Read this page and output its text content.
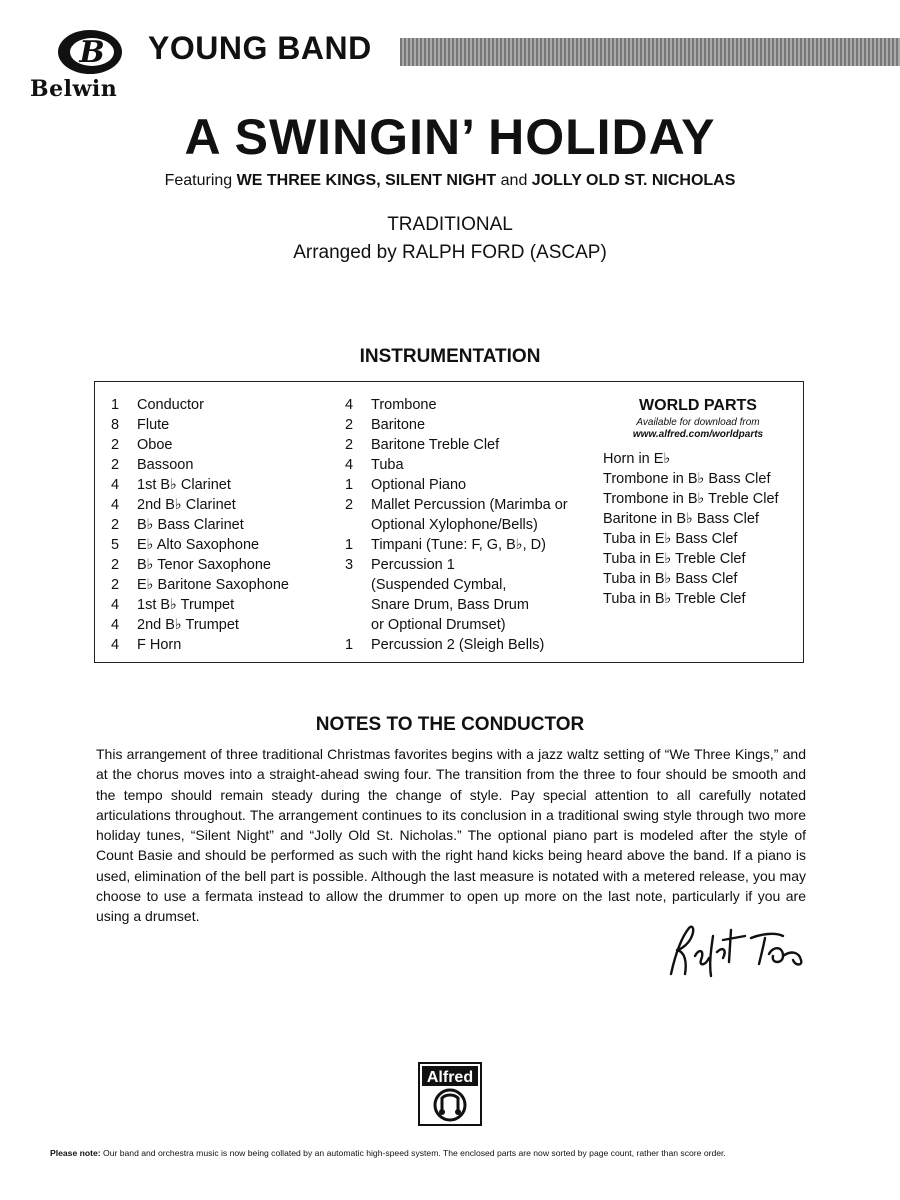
B
Belwin
YOUNG BAND
A SWINGIN’ HOLIDAY
Featuring WE THREE KINGS, SILENT NIGHT and JOLLY OLD ST. NICHOLAS
TRADITIONAL
Arranged by RALPH FORD (ASCAP)
INSTRUMENTATION
1	Conductor
8	Flute
2	Oboe
2	Bassoon
4	1st B♭ Clarinet
4	2nd B♭ Clarinet
2	B♭ Bass Clarinet
5	E♭ Alto Saxophone
2	B♭ Tenor Saxophone
2	E♭ Baritone Saxophone
4	1st B♭ Trumpet
4	2nd B♭ Trumpet
4	F Horn
4	Trombone
2	Baritone
2	Baritone Treble Clef
4	Tuba
1	Optional Piano
2	Mallet Percussion (Marimba or
Optional Xylophone/Bells)
1	Timpani (Tune: F, G, B♭, D)
3	Percussion 1
(Suspended Cymbal,
Snare Drum, Bass Drum
or Optional Drumset)
1	Percussion 2 (Sleigh Bells)
WORLD PARTS
Available for download from
www.alfred.com/worldparts
Horn in E♭
Trombone in B♭ Bass Clef
Trombone in B♭ Treble Clef
Baritone in B♭ Bass Clef
Tuba in E♭ Bass Clef
Tuba in E♭ Treble Clef
Tuba in B♭ Bass Clef
Tuba in B♭ Treble Clef
NOTES TO THE CONDUCTOR
This arrangement of three traditional Christmas favorites begins with a jazz waltz setting of “We Three Kings,” and at the chorus moves into a straight-ahead swing four. The transition from the three to four should be smooth and the tempo should remain steady during the change of style. Pay special attention to all carefully notated articulations throughout. The arrangement continues to its conclusion in a traditional swing style through two more holiday tunes, “Silent Night” and “Jolly Old St. Nicholas.” The optional piano part is modeled after the style of Count Basie and should be performed as such with the right hand kicks being heard above the band. If a piano is used, elimination of the bell part is possible. Although the last measure is notated with a metered release, you may choose to use a fermata instead to allow the drummer to open up more on the last note, particularly if you are using a drumset.
Alfred
Please note: Our band and orchestra music is now being collated by an automatic high-speed system. The enclosed parts are now sorted by page count, rather than score order.
